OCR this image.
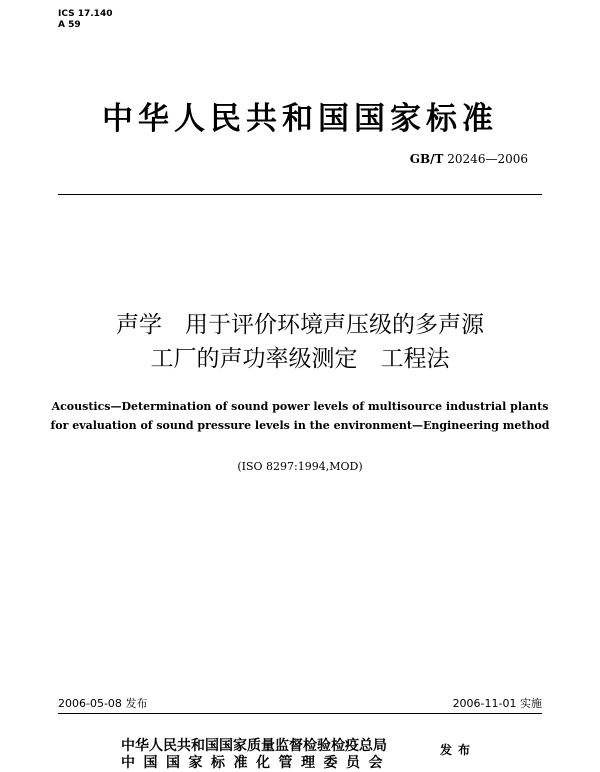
ICS 17.140
A 59
中华人民共和国国家标准
GB/T 20246—2006
声学　用于评价环境声压级的多声源
工厂的声功率级测定　工程法
Acoustics—Determination of sound power levels of multisource industrial plants
for evaluation of sound pressure levels in the environment—Engineering method
(ISO 8297:1994,MOD)
2006-05-08 发布	2006-11-01 实施
中华人民共和国国家质量监督检验检疫总局
中国国家标准化管理委员会
发布
